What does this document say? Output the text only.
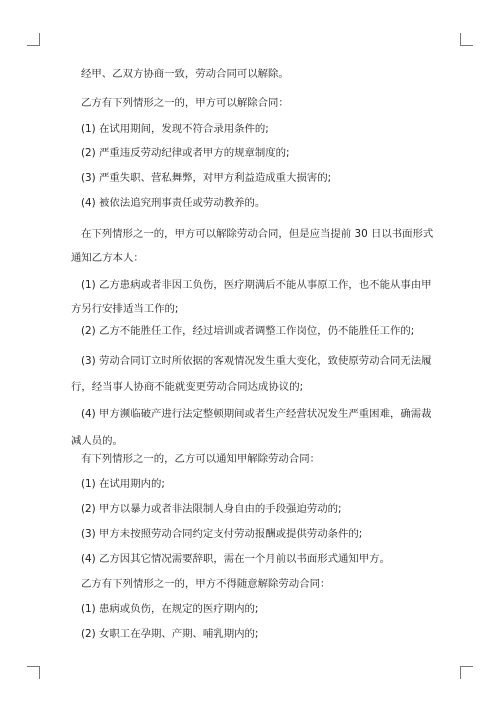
经甲、乙双方协商一致，劳动合同可以解除。

乙方有下列情形之一的，甲方可以解除合同：

(1) 在试用期间，发现不符合录用条件的;

(2) 严重违反劳动纪律或者甲方的规章制度的;

(3) 严重失职、营私舞弊，对甲方利益造成重大损害的;

(4) 被依法追究刑事责任或劳动教养的。

在下列情形之一的，甲方可以解除劳动合同，但是应当提前 30 日以书面形式通知乙方本人：

(1) 乙方患病或者非因工负伤，医疗期满后不能从事原工作，也不能从事由甲方另行安排适当工作的;

(2) 乙方不能胜任工作，经过培训或者调整工作岗位，仍不能胜任工作的;

(3) 劳动合同订立时所依据的客观情况发生重大变化，致使原劳动合同无法履行，经当事人协商不能就变更劳动合同达成协议的;

(4) 甲方濒临破产进行法定整顿期间或者生产经营状况发生严重困难，确需裁减人员的。

有下列情形之一的，乙方可以通知甲解除劳动合同：

(1) 在试用期内的;

(2) 甲方以暴力或者非法限制人身自由的手段强迫劳动的;

(3) 甲方未按照劳动合同约定支付劳动报酬或提供劳动条件的;

(4) 乙方因其它情况需要辞职，需在一个月前以书面形式通知甲方。

乙方有下列情形之一的，甲方不得随意解除劳动合同：

(1) 患病或负伤，在规定的医疗期内的;

(2) 女职工在孕期、产期、哺乳期内的;
